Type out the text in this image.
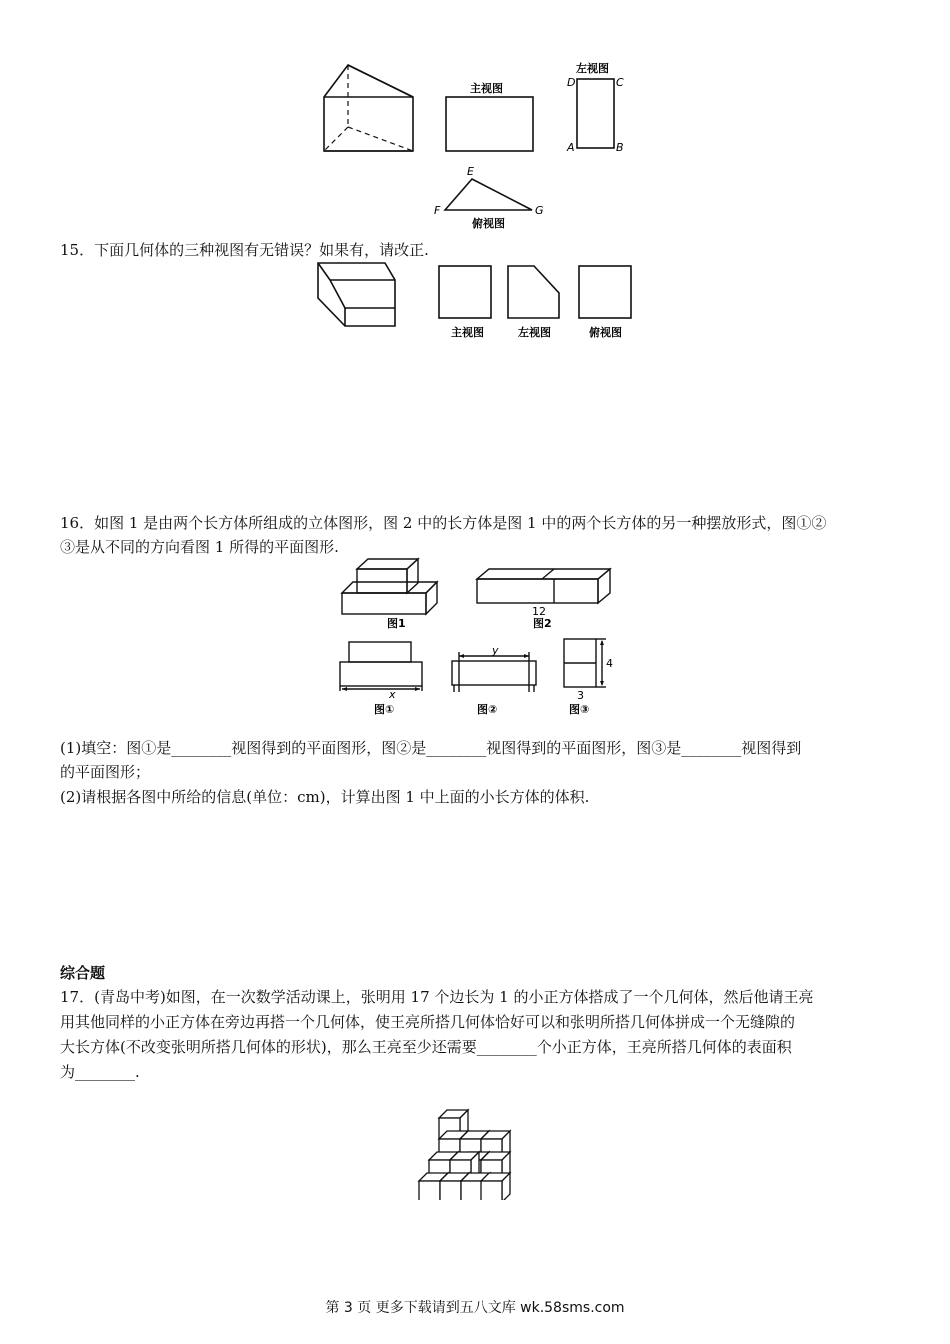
主视图
左视图
俯视图
D	C
A	B
E
F	G
15．下面几何体的三种视图有无错误？如果有，请改正.
主视图	左视图	俯视图
16．如图 1 是由两个长方体所组成的立体图形，图 2 中的长方体是图 1 中的两个长方体的另一种摆放形式，图①②
③是从不同的方向看图 1 所得的平面图形.
图1	图2
12
图①	图②	图③
x
y
4
3
(1)填空：图①是________视图得到的平面图形，图②是________视图得到的平面图形，图③是________视图得到
的平面图形；
(2)请根据各图中所给的信息(单位：cm)，计算出图 1 中上面的小长方体的体积.
综合题
17．(青岛中考)如图，在一次数学活动课上，张明用 17 个边长为 1 的小正方体搭成了一个几何体，然后他请王亮
用其他同样的小正方体在旁边再搭一个几何体，使王亮所搭几何体恰好可以和张明所搭几何体拼成一个无缝隙的
大长方体(不改变张明所搭几何体的形状)，那么王亮至少还需要________个小正方体，王亮所搭几何体的表面积
为________.
第 3 页 更多下载请到五八文库 wk.58sms.com
